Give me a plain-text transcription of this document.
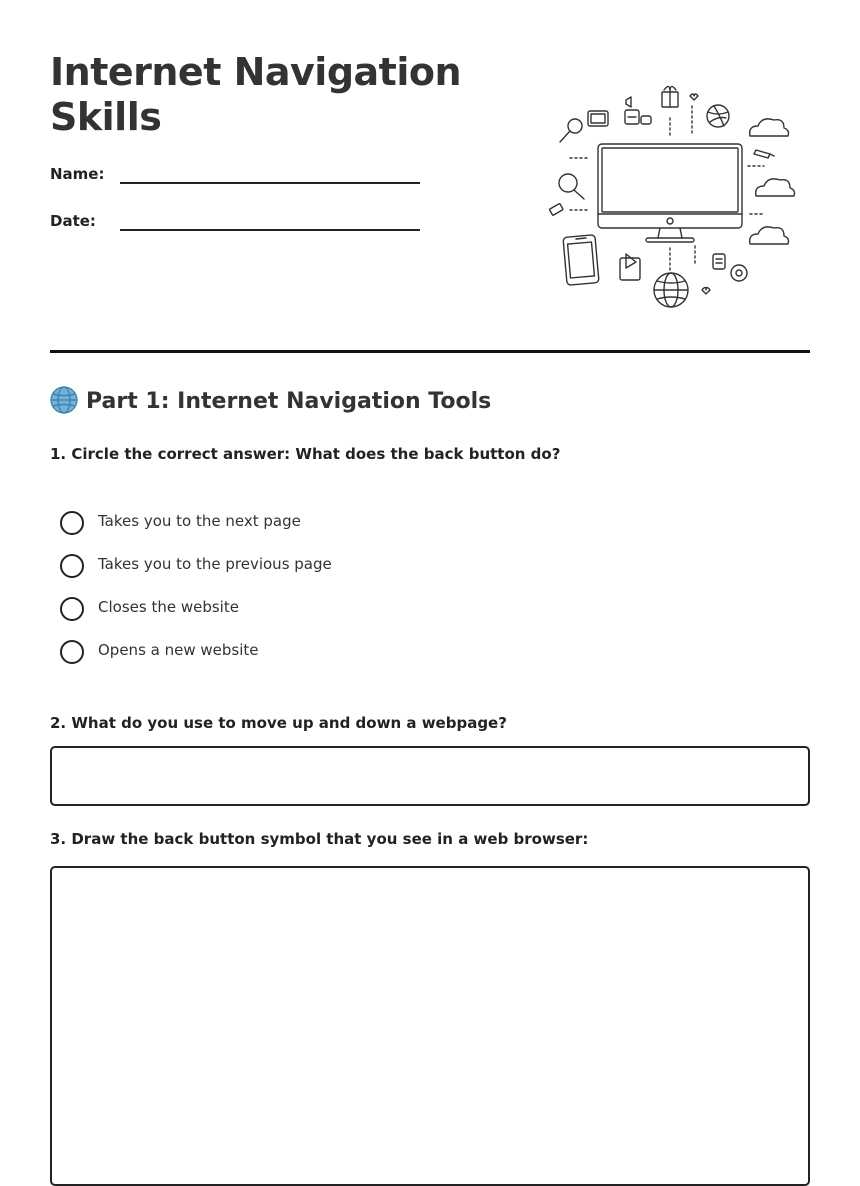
Internet Navigation
Skills
Name:
Date:
Part 1: Internet Navigation Tools

1. Circle the correct answer: What does the back button do?

Takes you to the next page
Takes you to the previous page
Closes the website
Opens a new website

2. What do you use to move up and down a webpage?

3. Draw the back button symbol that you see in a web browser:
